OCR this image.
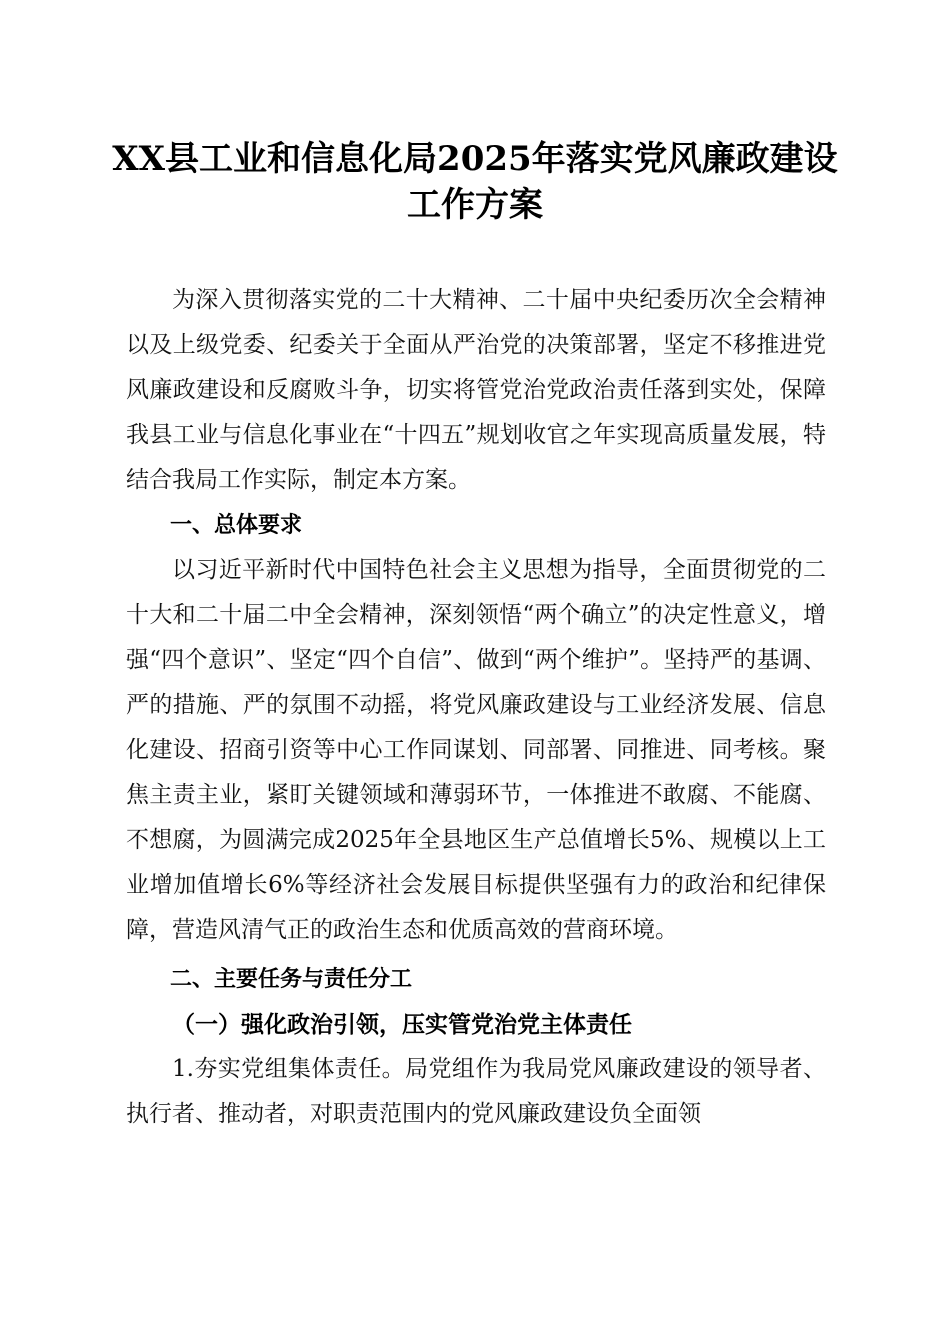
XX县工业和信息化局2025年落实党风廉政建设工作方案

为深入贯彻落实党的二十大精神、二十届中央纪委历次全会精神以及上级党委、纪委关于全面从严治党的决策部署，坚定不移推进党风廉政建设和反腐败斗争，切实将管党治党政治责任落到实处，保障我县工业与信息化事业在“十四五”规划收官之年实现高质量发展，特结合我局工作实际，制定本方案。

一、总体要求

以习近平新时代中国特色社会主义思想为指导，全面贯彻党的二十大和二十届二中全会精神，深刻领悟“两个确立”的决定性意义，增强“四个意识”、坚定“四个自信”、做到“两个维护”。坚持严的基调、严的措施、严的氛围不动摇，将党风廉政建设与工业经济发展、信息化建设、招商引资等中心工作同谋划、同部署、同推进、同考核。聚焦主责主业，紧盯关键领域和薄弱环节，一体推进不敢腐、不能腐、不想腐，为圆满完成2025年全县地区生产总值增长5%、规模以上工业增加值增长6%等经济社会发展目标提供坚强有力的政治和纪律保障，营造风清气正的政治生态和优质高效的营商环境。

二、主要任务与责任分工

（一）强化政治引领，压实管党治党主体责任

1.夯实党组集体责任。局党组作为我局党风廉政建设的领导者、执行者、推动者，对职责范围内的党风廉政建设负全面领
